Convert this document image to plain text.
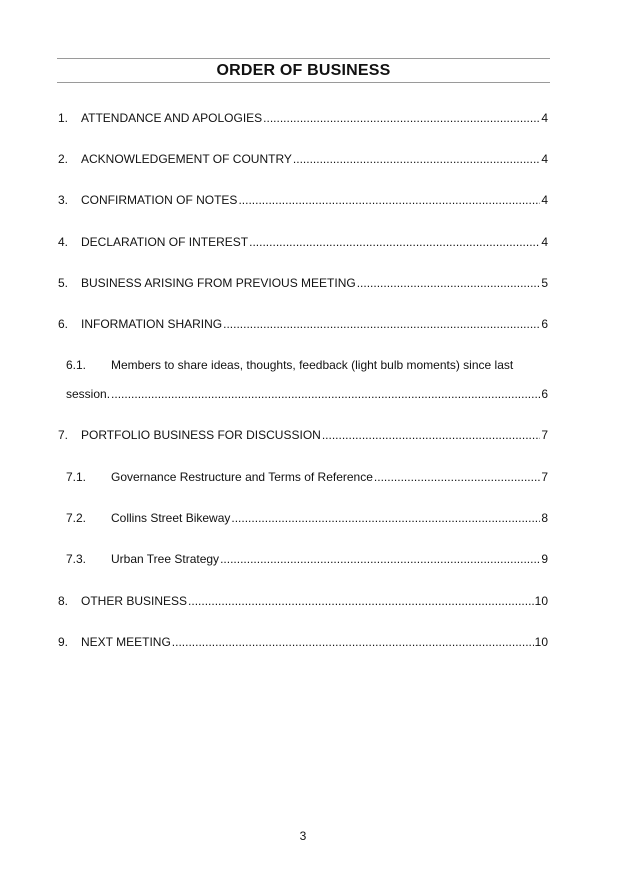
ORDER OF BUSINESS
1.	ATTENDANCE AND APOLOGIES .....	4
2.	ACKNOWLEDGEMENT OF COUNTRY .....	4
3.	CONFIRMATION OF NOTES .....	4
4.	DECLARATION OF INTEREST .....	4
5.	BUSINESS ARISING FROM PREVIOUS MEETING .....	5
6.	INFORMATION SHARING .....	6
6.1. Members to share ideas, thoughts, feedback (light bulb moments) since last
session. .....	6
7.	PORTFOLIO BUSINESS FOR DISCUSSION .....	7
7.1.	Governance Restructure and Terms of Reference .....	7
7.2.	Collins Street Bikeway .....	8
7.3.	Urban Tree Strategy .....	9
8.	OTHER BUSINESS .....	10
9.	NEXT MEETING .....	10
3
